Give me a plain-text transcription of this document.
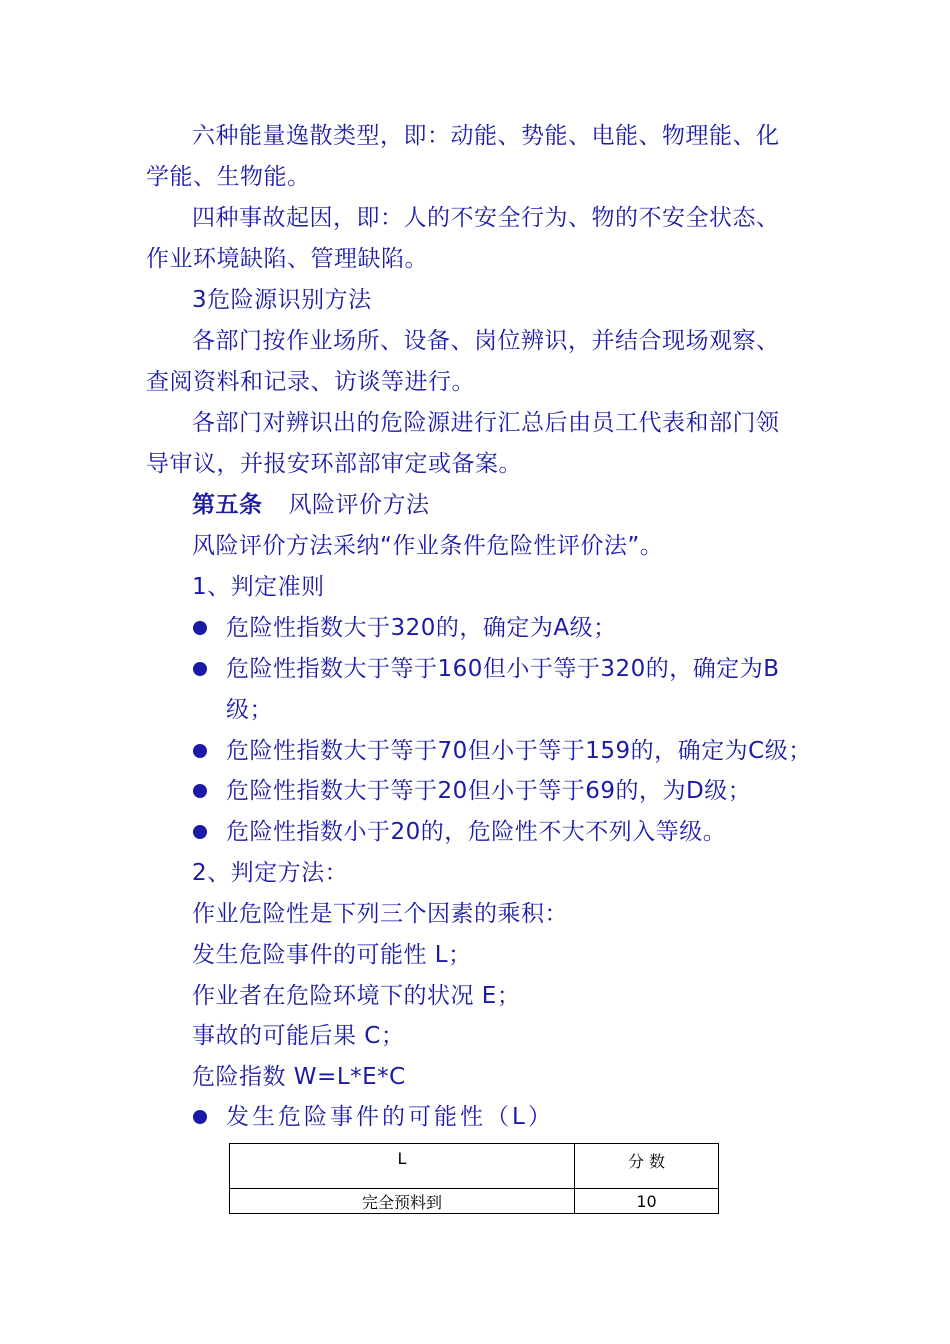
六种能量逸散类型，即：动能、势能、电能、物理能、化
学能、生物能。
四种事故起因，即：人的不安全行为、物的不安全状态、
作业环境缺陷、管理缺陷。
3危险源识别方法
各部门按作业场所、设备、岗位辨识，并结合现场观察、
查阅资料和记录、访谈等进行。
各部门对辨识出的危险源进行汇总后由员工代表和部门领
导审议，并报安环部部审定或备案。
第五条 风险评价方法
风险评价方法采纳“作业条件危险性评价法”。
1、判定准则
危险性指数大于320的，确定为A级；
危险性指数大于等于160但小于等于320的，确定为B
级；
危险性指数大于等于70但小于等于159的，确定为C级；
危险性指数大于等于20但小于等于69的，为D级；
危险性指数小于20的，危险性不大不列入等级。
2、判定方法：
作业危险性是下列三个因素的乘积：
发生危险事件的可能性 L；
作业者在危险环境下的状况 E；
事故的可能后果 C；
危险指数 W=L*E*C
发生危险事件的可能性（L）
L	分 数
完全预料到	10
